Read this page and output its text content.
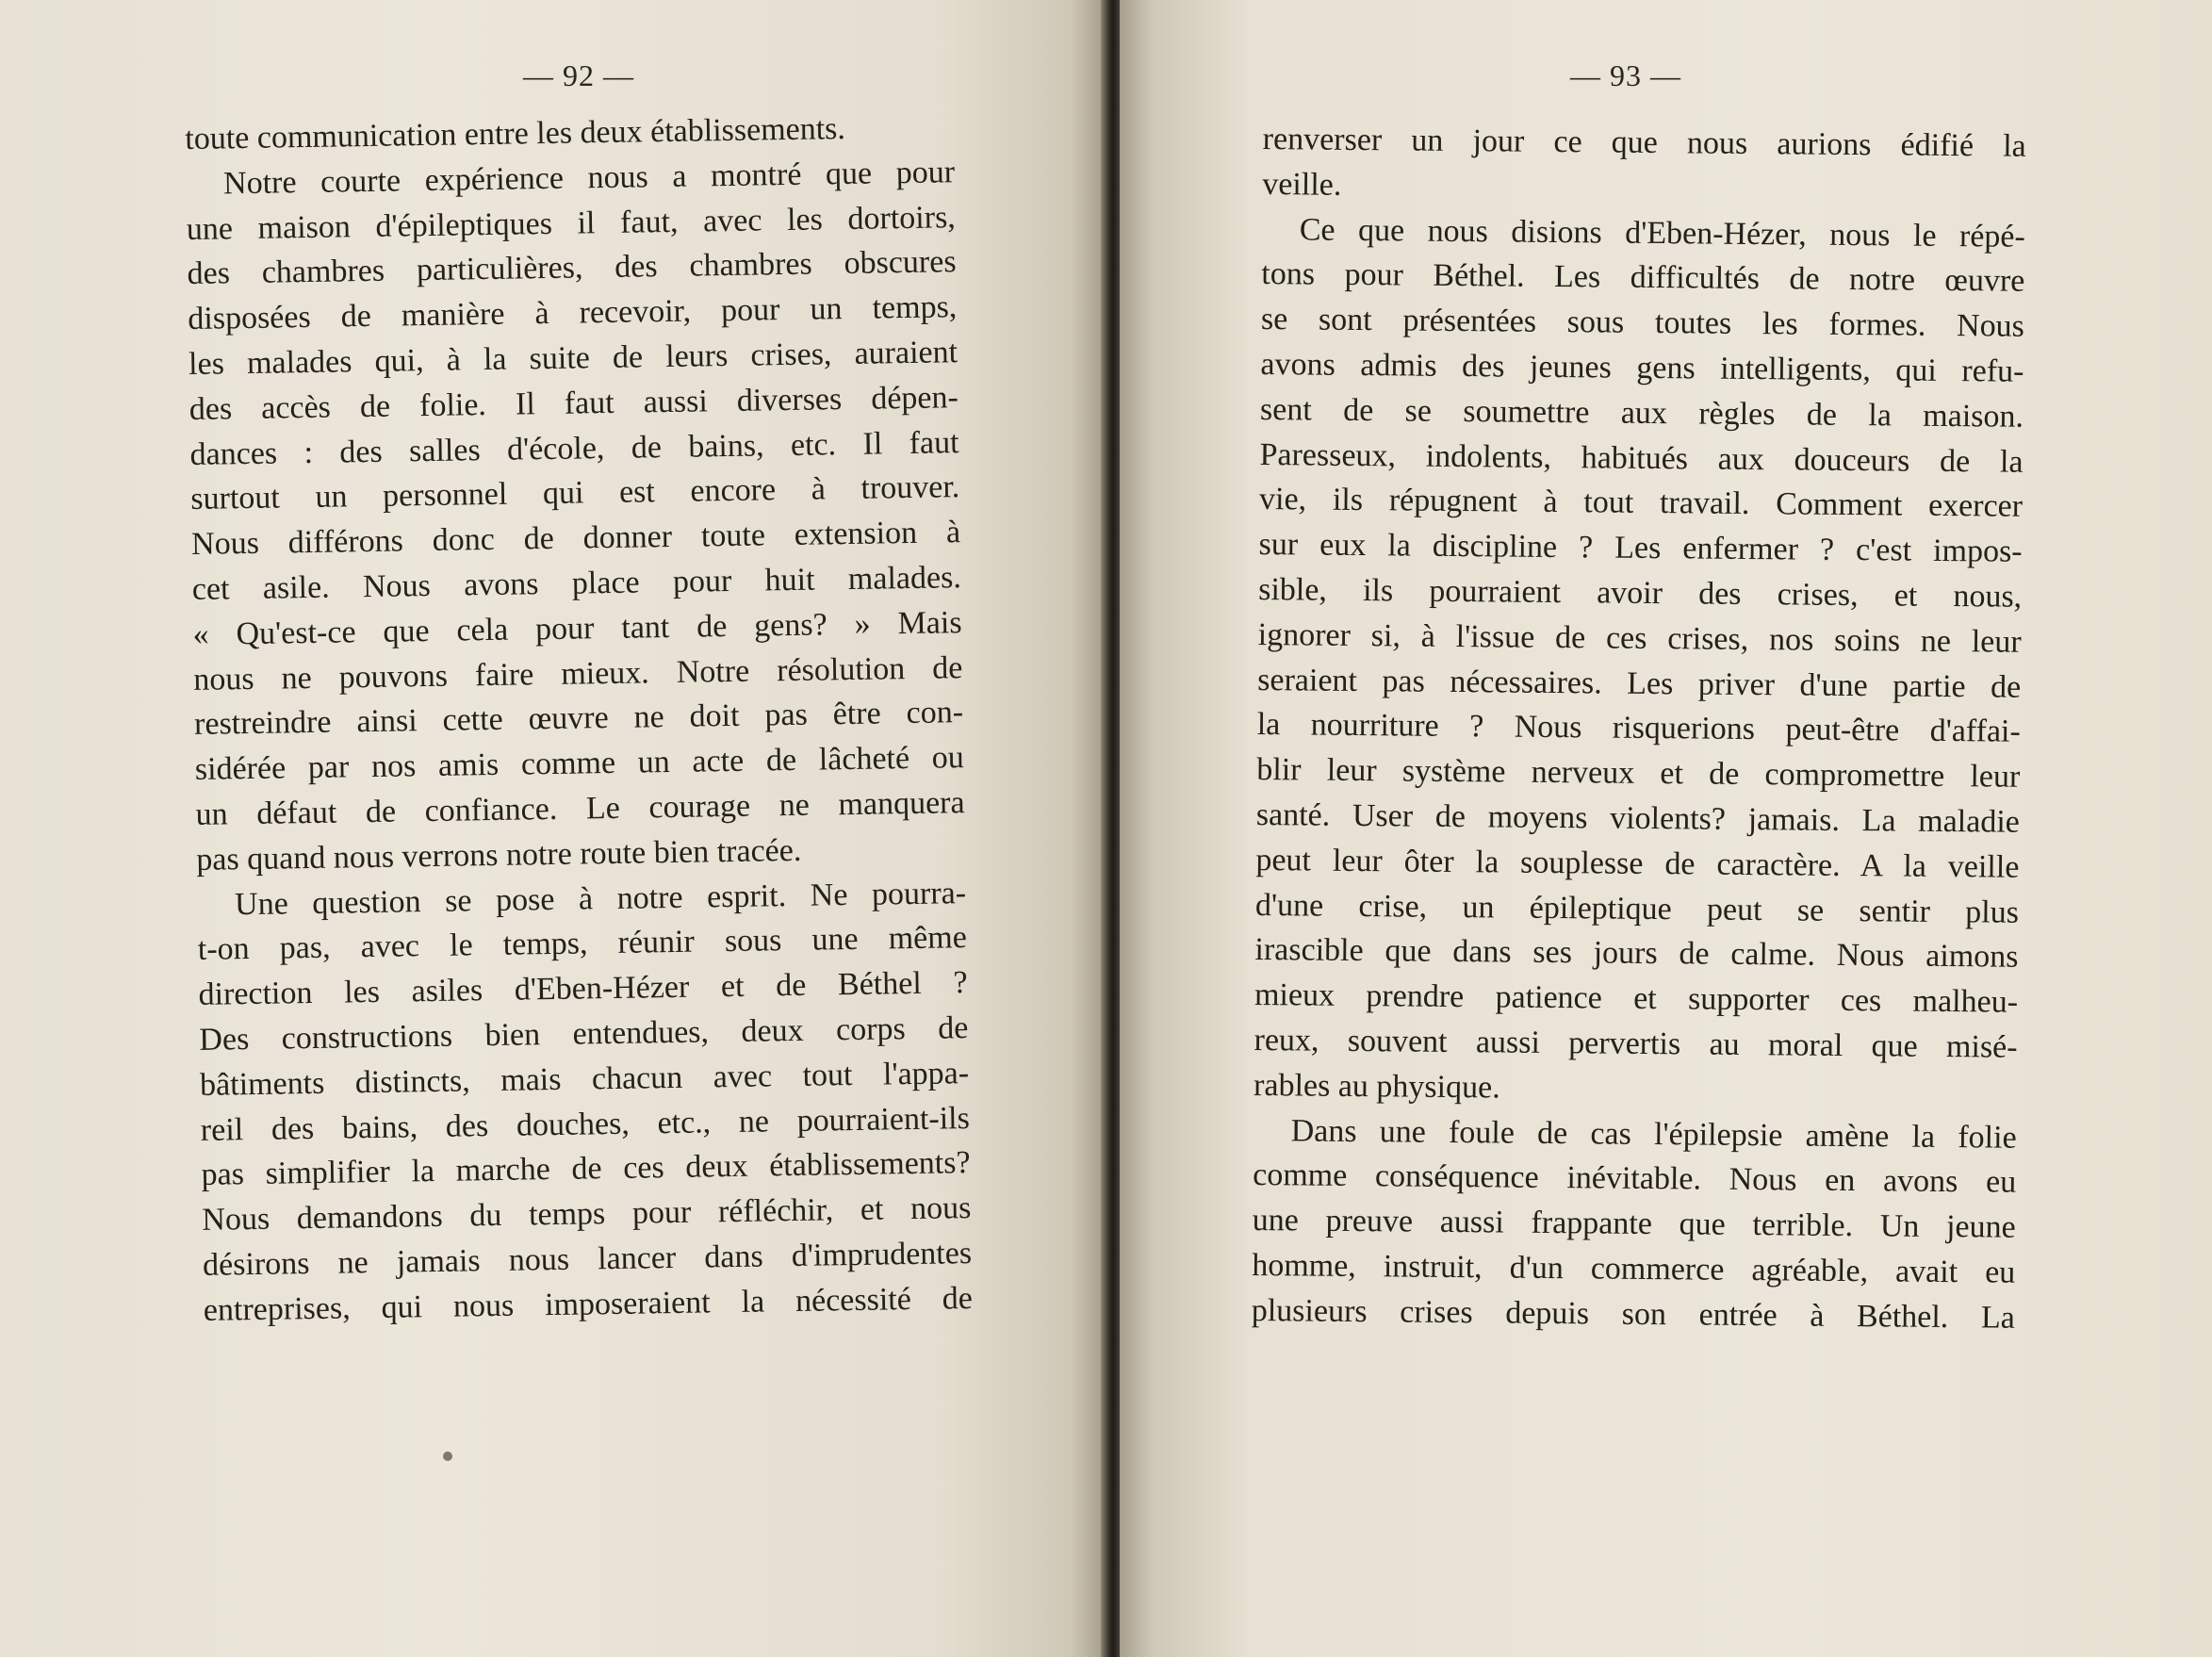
— 92 —
toute communication entre les deux établissements.
Notre courte expérience nous a montré que pour
une maison d'épileptiques il faut, avec les dortoirs,
des chambres particulières, des chambres obscures
disposées de manière à recevoir, pour un temps,
les malades qui, à la suite de leurs crises, auraient
des accès de folie. Il faut aussi diverses dépen-
dances : des salles d'école, de bains, etc. Il faut
surtout un personnel qui est encore à trouver.
Nous différons donc de donner toute extension à
cet asile. Nous avons place pour huit malades.
« Qu'est-ce que cela pour tant de gens? » Mais
nous ne pouvons faire mieux. Notre résolution de
restreindre ainsi cette œuvre ne doit pas être con-
sidérée par nos amis comme un acte de lâcheté ou
un défaut de confiance. Le courage ne manquera
pas quand nous verrons notre route bien tracée.
Une question se pose à notre esprit. Ne pourra-
t-on pas, avec le temps, réunir sous une même
direction les asiles d'Eben-Hézer et de Béthel ?
Des constructions bien entendues, deux corps de
bâtiments distincts, mais chacun avec tout l'appa-
reil des bains, des douches, etc., ne pourraient-ils
pas simplifier la marche de ces deux établissements?
Nous demandons du temps pour réfléchir, et nous
désirons ne jamais nous lancer dans d'imprudentes
entreprises, qui nous imposeraient la nécessité de
— 93 —
renverser un jour ce que nous aurions édifié la
veille.
Ce que nous disions d'Eben-Hézer, nous le répé-
tons pour Béthel. Les difficultés de notre œuvre
se sont présentées sous toutes les formes. Nous
avons admis des jeunes gens intelligents, qui refu-
sent de se soumettre aux règles de la maison.
Paresseux, indolents, habitués aux douceurs de la
vie, ils répugnent à tout travail. Comment exercer
sur eux la discipline ? Les enfermer ? c'est impos-
sible, ils pourraient avoir des crises, et nous,
ignorer si, à l'issue de ces crises, nos soins ne leur
seraient pas nécessaires. Les priver d'une partie de
la nourriture ? Nous risquerions peut-être d'affai-
blir leur système nerveux et de compromettre leur
santé. User de moyens violents? jamais. La maladie
peut leur ôter la souplesse de caractère. A la veille
d'une crise, un épileptique peut se sentir plus
irascible que dans ses jours de calme. Nous aimons
mieux prendre patience et supporter ces malheu-
reux, souvent aussi pervertis au moral que misé-
rables au physique.
Dans une foule de cas l'épilepsie amène la folie
comme conséquence inévitable. Nous en avons eu
une preuve aussi frappante que terrible. Un jeune
homme, instruit, d'un commerce agréable, avait eu
plusieurs crises depuis son entrée à Béthel. La
